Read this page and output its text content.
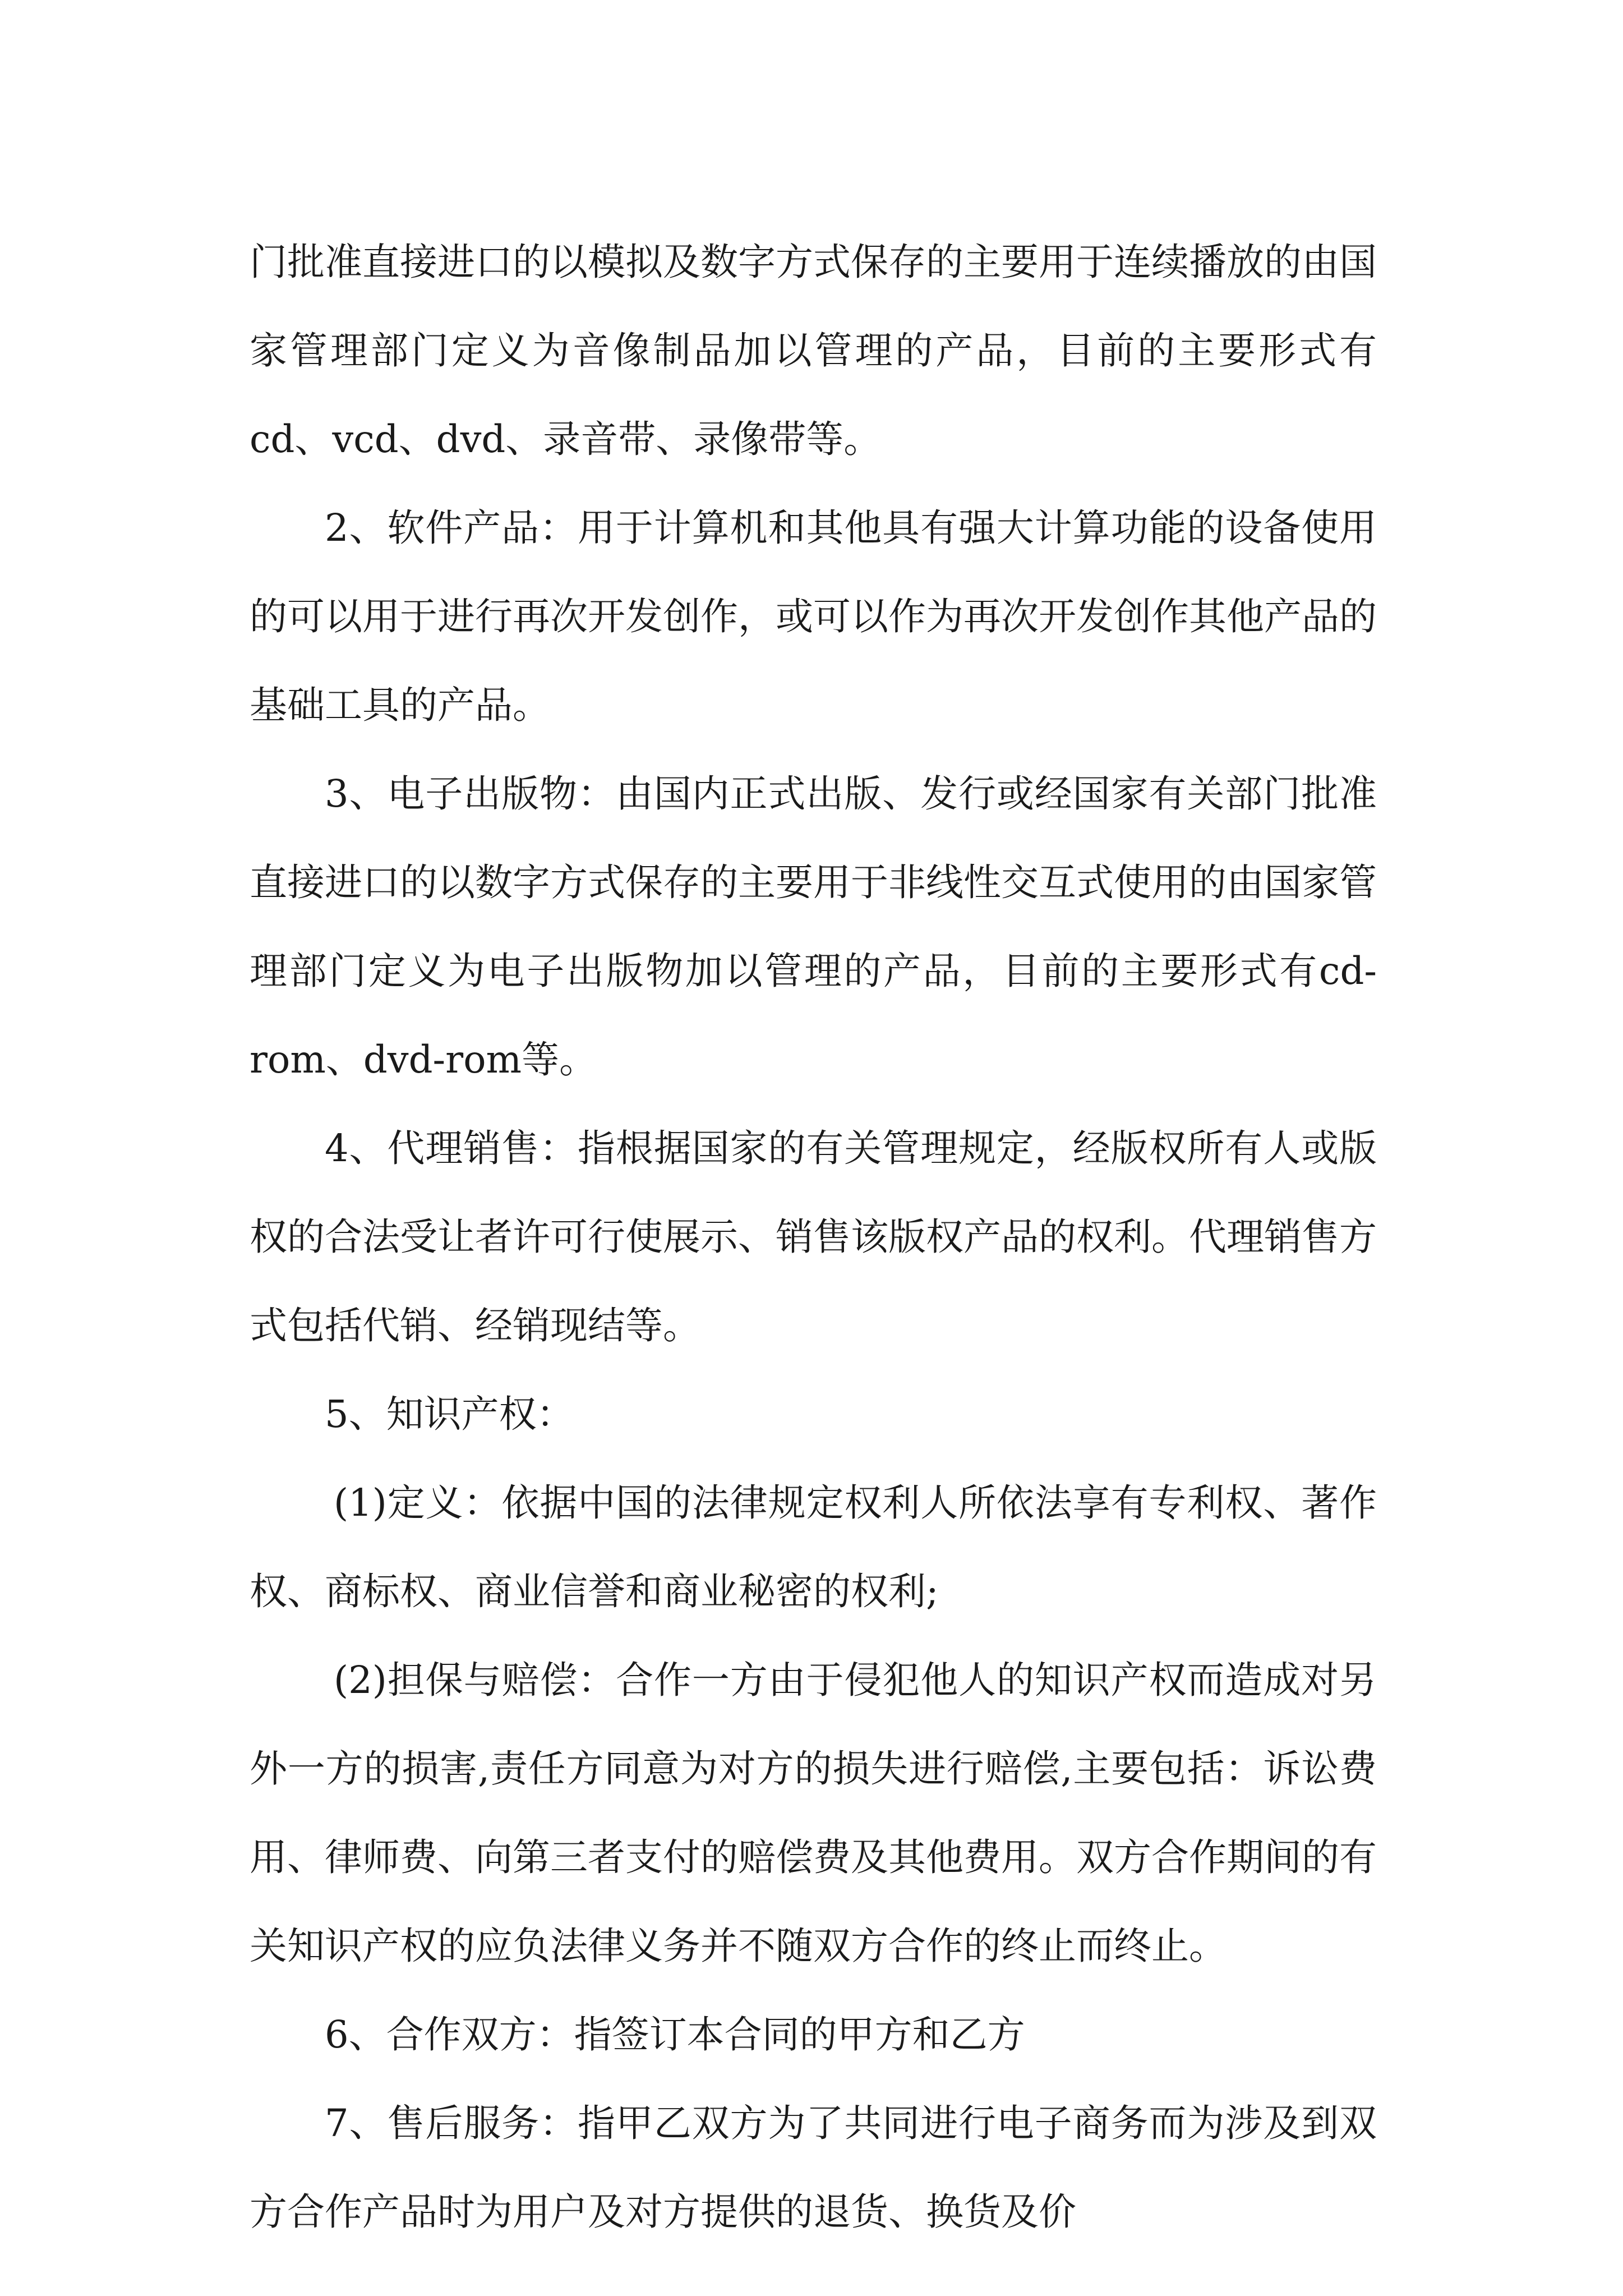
门批准直接进口的以模拟及数字方式保存的主要用于连续播放的由国家管理部门定义为音像制品加以管理的产品，目前的主要形式有cd、vcd、dvd、录音带、录像带等。

2、软件产品：用于计算机和其他具有强大计算功能的设备使用的可以用于进行再次开发创作，或可以作为再次开发创作其他产品的基础工具的产品。

3、电子出版物：由国内正式出版、发行或经国家有关部门批准直接进口的以数字方式保存的主要用于非线性交互式使用的由国家管理部门定义为电子出版物加以管理的产品，目前的主要形式有cd-rom、dvd-rom等。

4、代理销售：指根据国家的有关管理规定，经版权所有人或版权的合法受让者许可行使展示、销售该版权产品的权利。代理销售方式包括代销、经销现结等。

5、知识产权：

(1)定义：依据中国的法律规定权利人所依法享有专利权、著作权、商标权、商业信誉和商业秘密的权利;

(2)担保与赔偿：合作一方由于侵犯他人的知识产权而造成对另外一方的损害,责任方同意为对方的损失进行赔偿,主要包括：诉讼费用、律师费、向第三者支付的赔偿费及其他费用。双方合作期间的有关知识产权的应负法律义务并不随双方合作的终止而终止。

6、合作双方：指签订本合同的甲方和乙方

7、售后服务：指甲乙双方为了共同进行电子商务而为涉及到双方合作产品时为用户及对方提供的退货、换货及价
